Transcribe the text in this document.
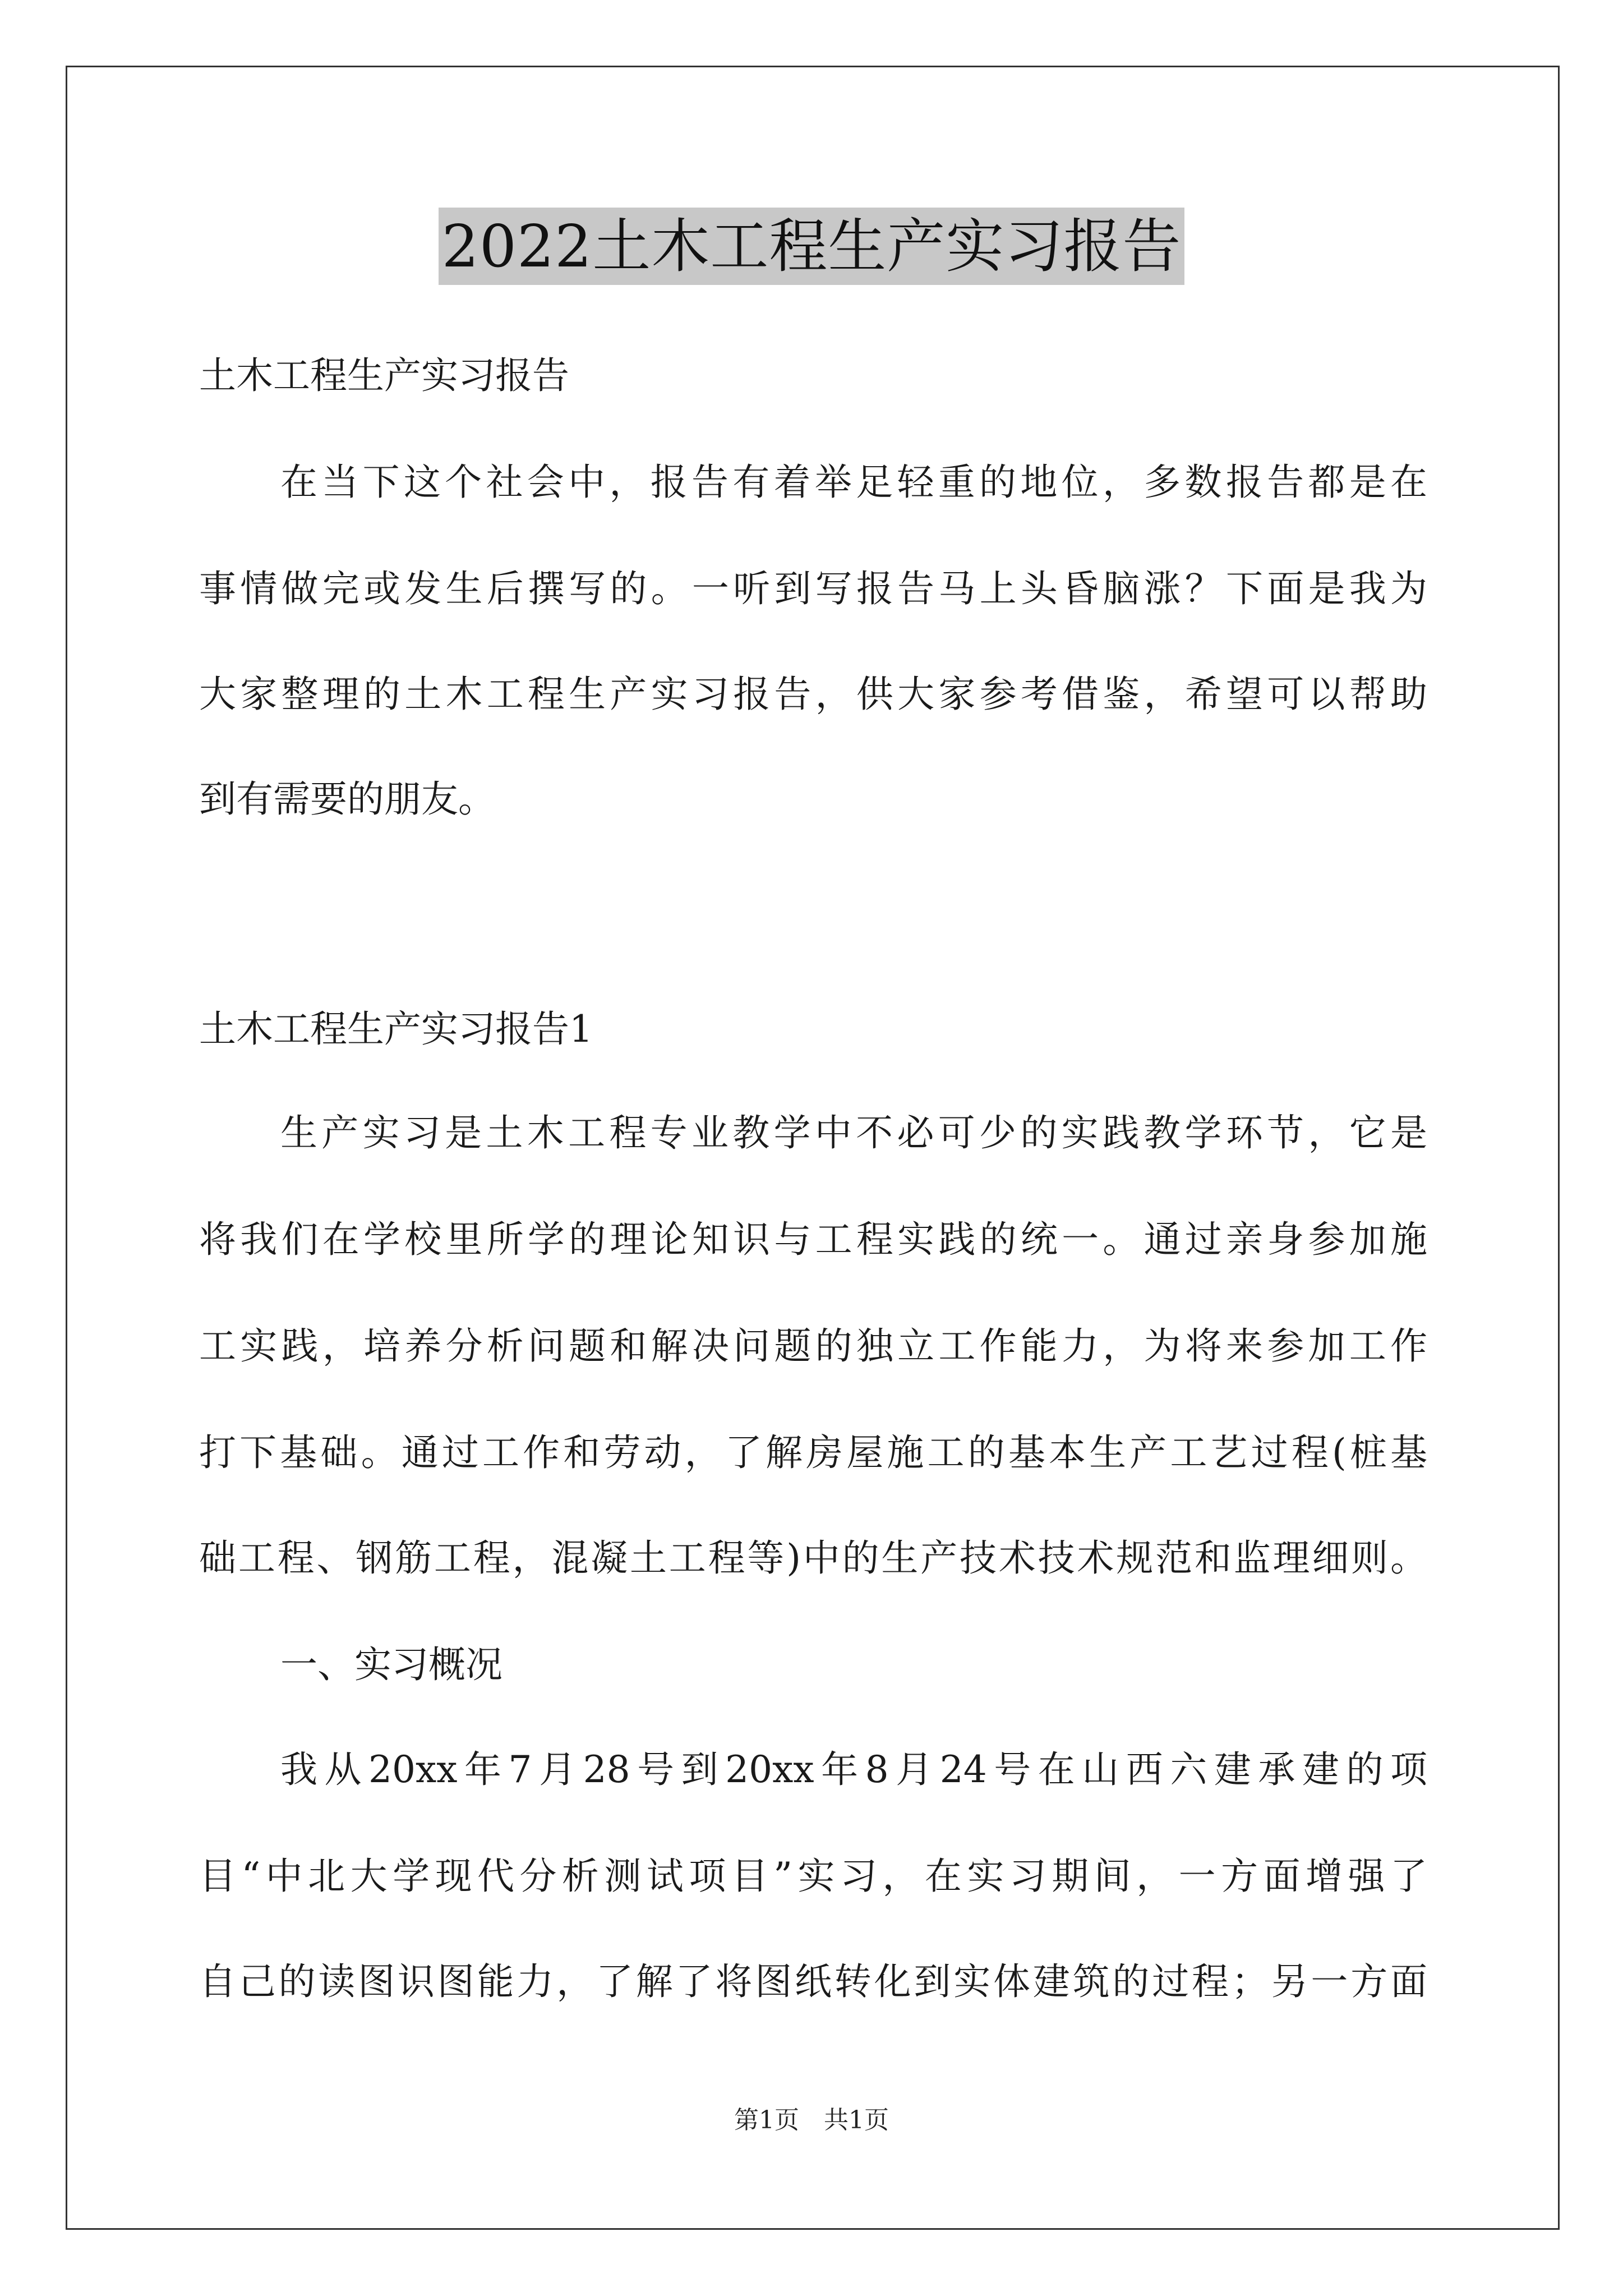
2022土木工程生产实习报告
土木工程生产实习报告
在当下这个社会中，报告有着举足轻重的地位，多数报告都是在
事情做完或发生后撰写的。一听到写报告马上头昏脑涨？下面是我为
大家整理的土木工程生产实习报告，供大家参考借鉴，希望可以帮助
到有需要的朋友。
土木工程生产实习报告1
生产实习是土木工程专业教学中不必可少的实践教学环节，它是
将我们在学校里所学的理论知识与工程实践的统一。通过亲身参加施
工实践，培养分析问题和解决问题的独立工作能力，为将来参加工作
打下基础。通过工作和劳动，了解房屋施工的基本生产工艺过程(桩基
础工程、钢筋工程，混凝土工程等)中的生产技术技术规范和监理细则。
一、实习概况
我从20xx年7月28号到20xx年8月24号在山西六建承建的项
目“中北大学现代分析测试项目”实习，在实习期间，一方面增强了
自己的读图识图能力，了解了将图纸转化到实体建筑的过程；另一方面
第1页　共1页
